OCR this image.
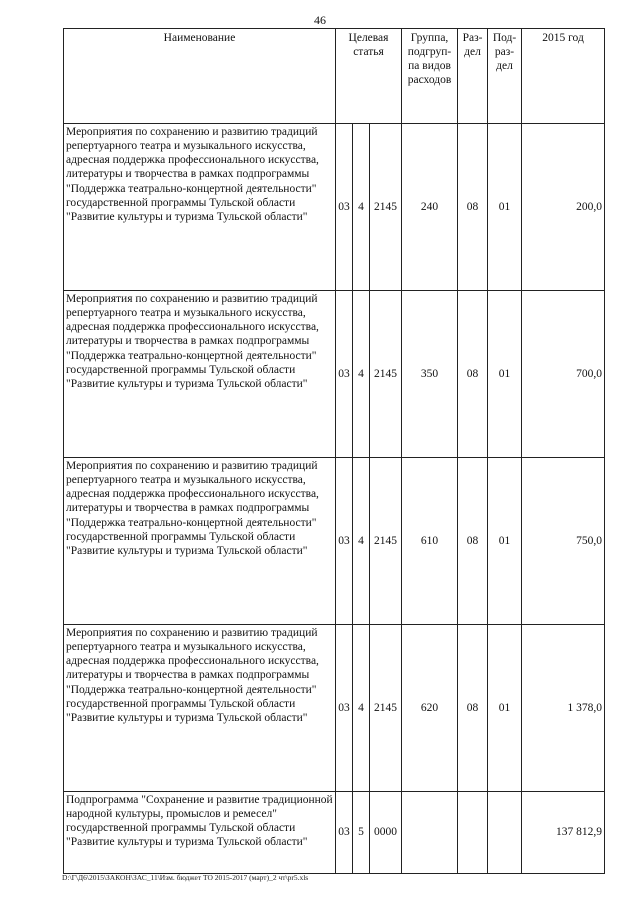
46
Наименование	Целевая статья			Группа, подгруп-па видов расходов	Раз-дел	Под-раз-дел	2015 год
Мероприятия по сохранению и развитию традиций репертуарного театра и музыкального искусства, адресная поддержка профессионального искусства, литературы и творчества в рамках подпрограммы "Поддержка театрально-концертной деятельности" государственной программы Тульской области "Развитие культуры и туризма Тульской области"	03	4	2145	240	08	01	200,0
Мероприятия по сохранению и развитию традиций репертуарного театра и музыкального искусства, адресная поддержка профессионального искусства, литературы и творчества в рамках подпрограммы "Поддержка театрально-концертной деятельности" государственной программы Тульской области "Развитие культуры и туризма Тульской области"	03	4	2145	350	08	01	700,0
Мероприятия по сохранению и развитию традиций репертуарного театра и музыкального искусства, адресная поддержка профессионального искусства, литературы и творчества в рамках подпрограммы "Поддержка театрально-концертной деятельности" государственной программы Тульской области "Развитие культуры и туризма Тульской области"	03	4	2145	610	08	01	750,0
Мероприятия по сохранению и развитию традиций репертуарного театра и музыкального искусства, адресная поддержка профессионального искусства, литературы и творчества в рамках подпрограммы "Поддержка театрально-концертной деятельности" государственной программы Тульской области "Развитие культуры и туризма Тульской области"	03	4	2145	620	08	01	1 378,0
Подпрограмма "Сохранение и развитие традиционной народной культуры, промыслов и ремесел" государственной программы Тульской области "Развитие культуры и туризма Тульской области"	03	5	0000				137 812,9
D:\Г\Д6\2015\ЗАКОН\ЗАС_11\Изм. бюджет ТО 2015-2017 (март)_2 чт\pr5.xls
